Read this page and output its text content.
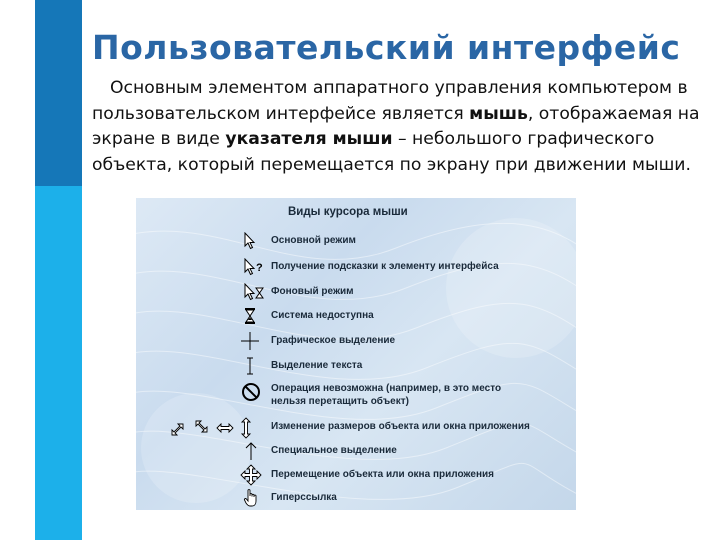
Пользовательский интерфейс
Основным элементом аппаратного управления компьютером в пользовательском интерфейсе является мышь, отображаемая на экране в виде указателя мыши – небольшого графического объекта, который перемещается по экрану при движении мыши.
Виды курсора мыши
Основной режим
? Получение подсказки к элементу интерфейса
Фоновый режим
Система недоступна
Графическое выделение
Выделение текста
Операция невозможна (например, в это место
нельзя перетащить объект)
Изменение размеров объекта или окна приложения
Специальное выделение
Перемещение объекта или окна приложения
Гиперссылка
